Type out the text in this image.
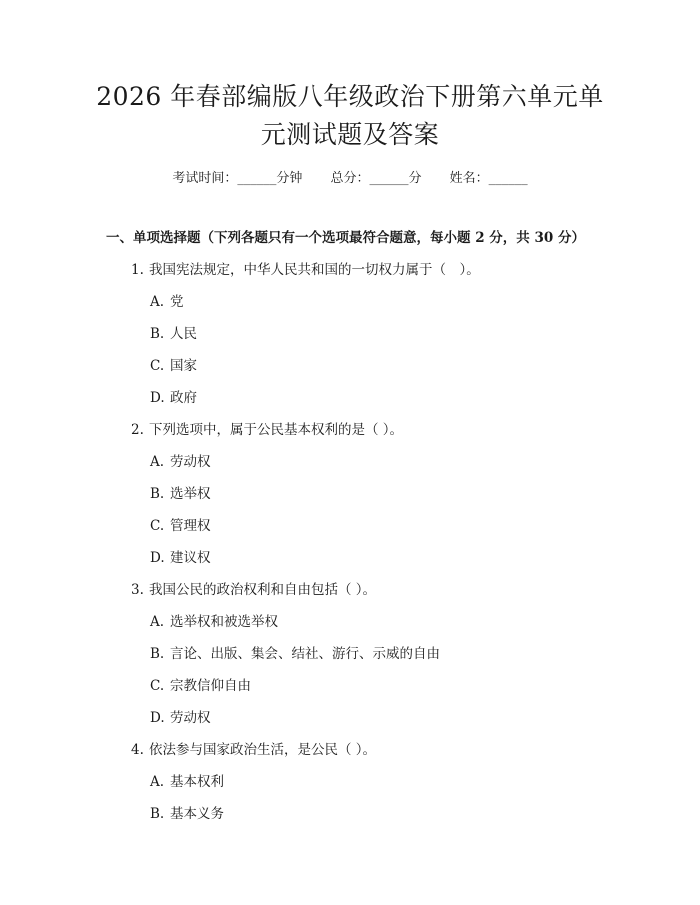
2026 年春部编版八年级政治下册第六单元单
元测试题及答案
考试时间：______分钟 总分：______分 姓名：______
一、单项选择题（下列各题只有一个选项最符合题意，每小题 2 分，共 30 分）
1. 我国宪法规定，中华人民共和国的一切权力属于（　）。
A. 党
B. 人民
C. 国家
D. 政府
2. 下列选项中，属于公民基本权利的是（ ）。
A. 劳动权
B. 选举权
C. 管理权
D. 建议权
3. 我国公民的政治权利和自由包括（ ）。
A. 选举权和被选举权
B. 言论、出版、集会、结社、游行、示威的自由
C. 宗教信仰自由
D. 劳动权
4. 依法参与国家政治生活，是公民（ ）。
A. 基本权利
B. 基本义务
